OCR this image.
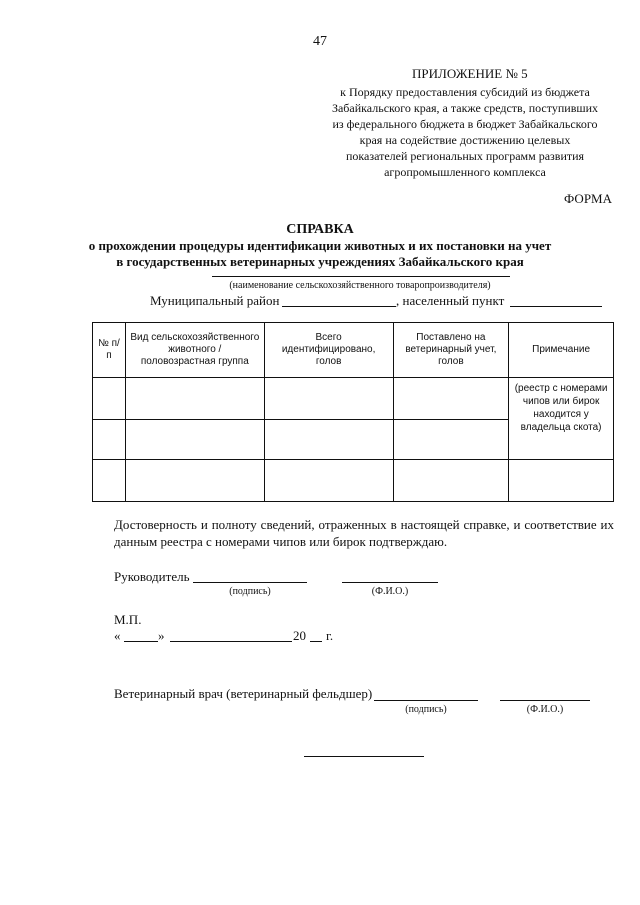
47
ПРИЛОЖЕНИЕ № 5
к Порядку предоставления субсидий из бюджета
Забайкальского края, а также средств, поступивших
из федерального бюджета в бюджет Забайкальского
края на содействие достижению целевых
показателей региональных программ развития
агропромышленного комплекса
ФОРМА
СПРАВКА
о прохождении процедуры идентификации животных и их постановки на учет
в государственных ветеринарных учреждениях Забайкальского края
(наименование сельскохозяйственного товаропроизводителя)
Муниципальный район	, населенный пункт
№ п/п	Вид сельскохозяйственного животного / половозрастная группа	Всего идентифицировано, голов	Поставлено на ветеринарный учет, голов	Примечание
				(реестр с номерами чипов или бирок находится у владельца скота)

Достоверность и полноту сведений, отраженных в настоящей справке, и соответствие их данным реестра с номерами чипов или бирок подтверждаю.
Руководитель
(подпись)	(Ф.И.О.)
М.П.
«	»	20 г.
Ветеринарный врач (ветеринарный фельдшер)
(подпись)	(Ф.И.О.)
